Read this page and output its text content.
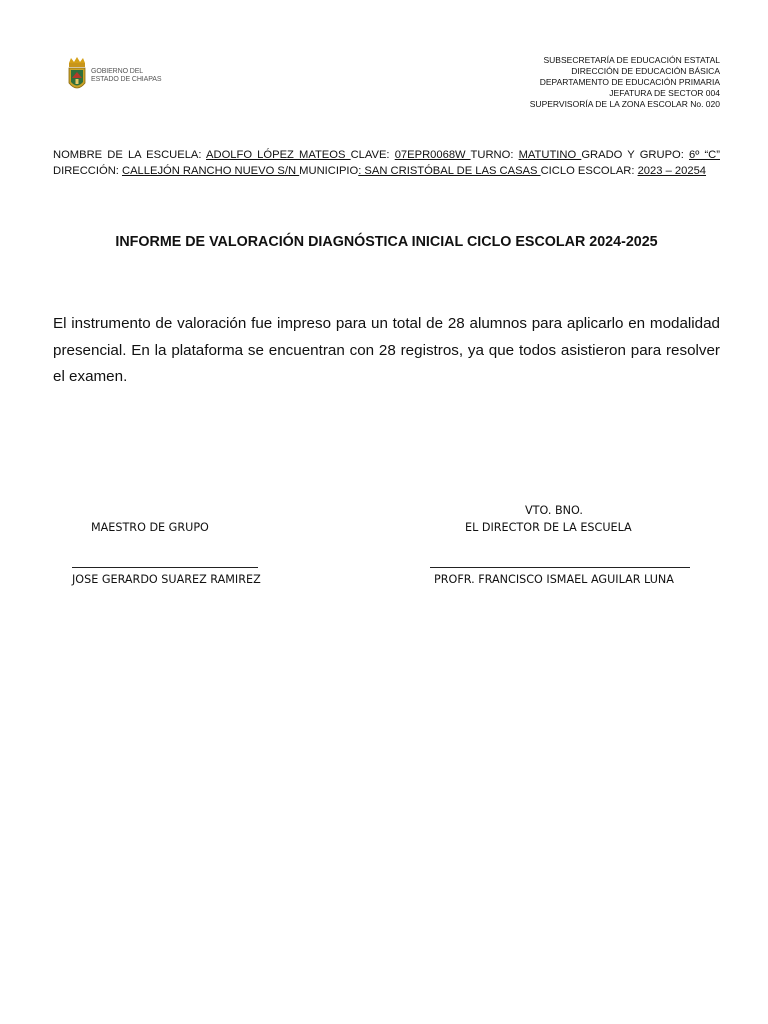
GOBIERNO DEL
ESTADO DE CHIAPAS
SUBSECRETARÍA DE EDUCACIÓN ESTATAL
DIRECCIÓN DE EDUCACIÓN BÁSICA
DEPARTAMENTO DE EDUCACIÓN PRIMARIA
JEFATURA DE SECTOR 004
SUPERVISORÍA DE LA ZONA ESCOLAR No. 020
NOMBRE DE LA ESCUELA: ADOLFO LÓPEZ MATEOS CLAVE: 07EPR0068W TURNO: MATUTINO GRADO Y GRUPO: 6º “C” DIRECCIÓN: CALLEJÓN RANCHO NUEVO S/N MUNICIPIO: SAN CRISTÓBAL DE LAS CASAS CICLO ESCOLAR: 2023 – 20254
INFORME DE VALORACIÓN DIAGNÓSTICA INICIAL CICLO ESCOLAR 2024-2025
El instrumento de valoración fue impreso para un total de 28 alumnos para aplicarlo en modalidad presencial. En la plataforma se encuentran con 28 registros, ya que todos asistieron para resolver el examen.
MAESTRO DE GRUPO
JOSE GERARDO SUAREZ RAMIREZ
VTO. BNO.
EL DIRECTOR DE LA ESCUELA
PROFR. FRANCISCO ISMAEL AGUILAR LUNA
